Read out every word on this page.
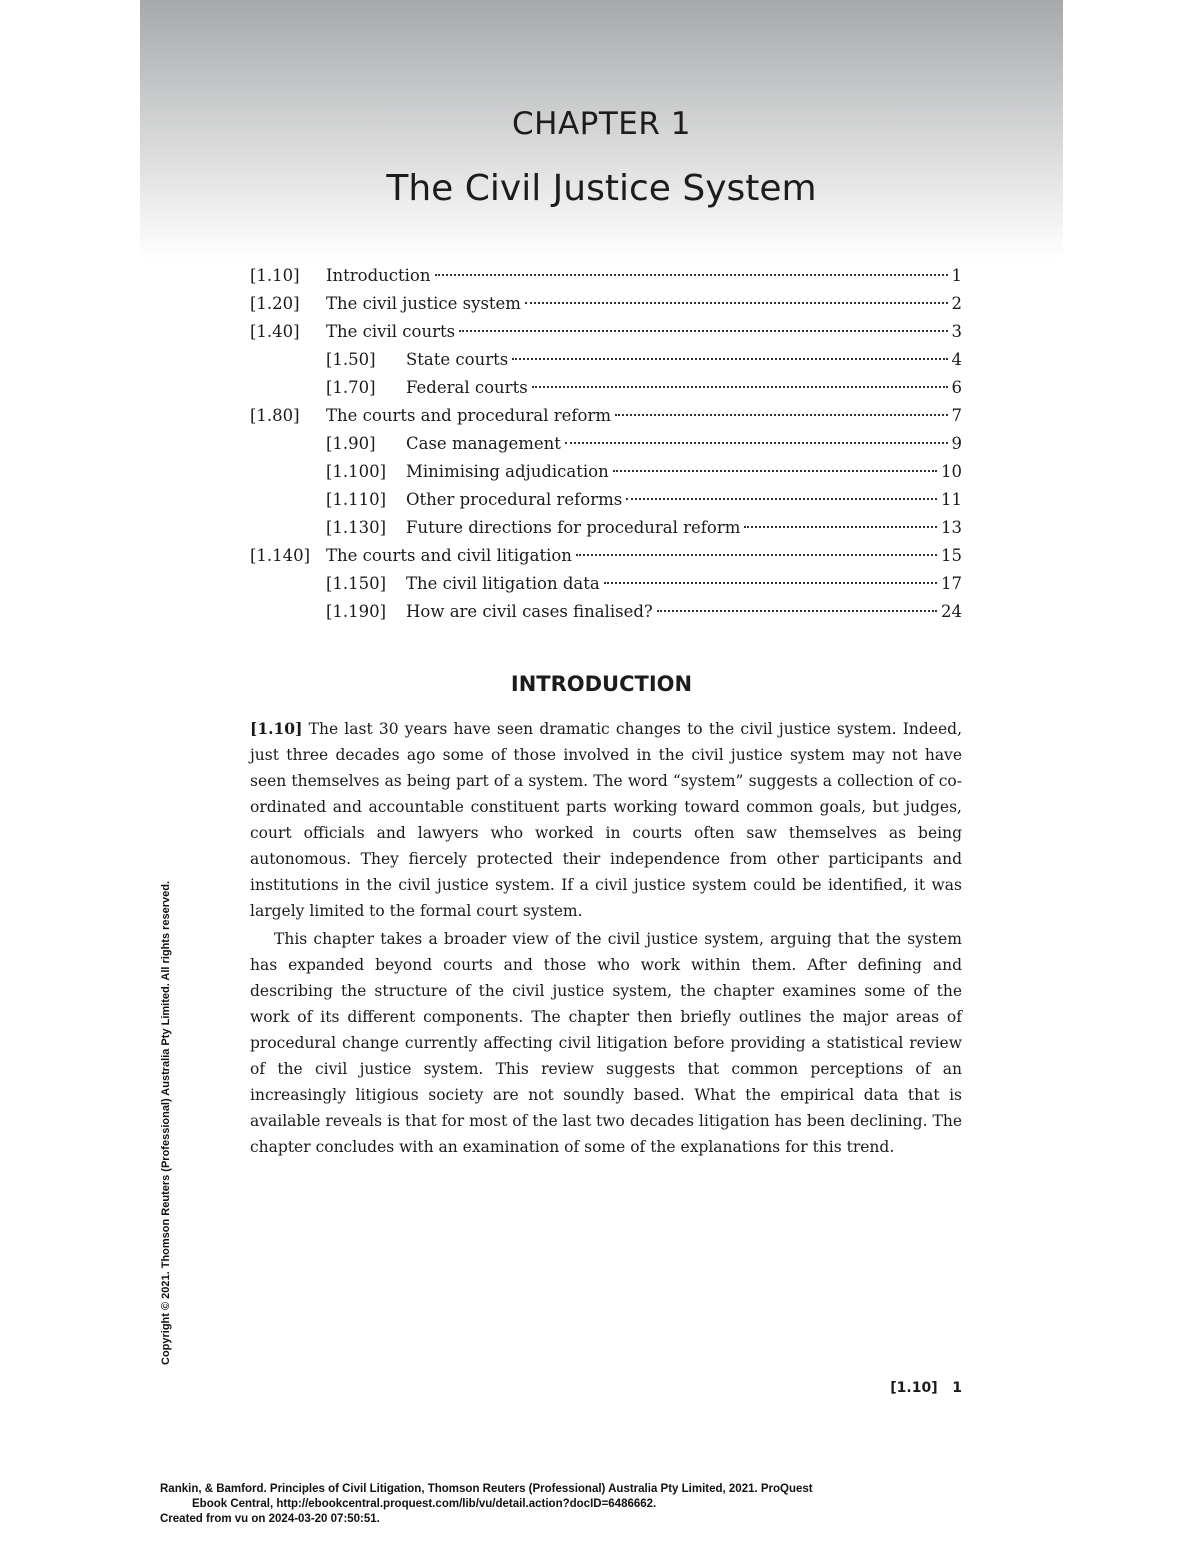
CHAPTER 1
The Civil Justice System
[1.10]	Introduction	1
[1.20]	The civil justice system	2
[1.40]	The civil courts	3
[1.50]	State courts	4
[1.70]	Federal courts	6
[1.80]	The courts and procedural reform	7
[1.90]	Case management	9
[1.100]	Minimising adjudication	10
[1.110]	Other procedural reforms	11
[1.130]	Future directions for procedural reform	13
[1.140] The courts and civil litigation	15
[1.150]	The civil litigation data	17
[1.190]	How are civil cases finalised?	24
INTRODUCTION

[1.10] The last 30 years have seen dramatic changes to the civil justice system. Indeed, just three decades ago some of those involved in the civil justice system may not have seen themselves as being part of a system. The word “system” suggests a collection of co-ordinated and accountable constituent parts working toward common goals, but judges, court officials and lawyers who worked in courts often saw themselves as being autonomous. They fiercely protected their independence from other participants and institutions in the civil justice system. If a civil justice system could be identified, it was largely limited to the formal court system.

This chapter takes a broader view of the civil justice system, arguing that the system has expanded beyond courts and those who work within them. After defining and describing the structure of the civil justice system, the chapter examines some of the work of its different components. The chapter then briefly outlines the major areas of procedural change currently affecting civil litigation before providing a statistical review of the civil justice system. This review suggests that common perceptions of an increasingly litigious society are not soundly based. What the empirical data that is available reveals is that for most of the last two decades litigation has been declining. The chapter concludes with an examination of some of the explanations for this trend.

[1.10] 1
Copyright © 2021. Thomson Reuters (Professional) Australia Pty Limited. All rights reserved.
Rankin, & Bamford. Principles of Civil Litigation, Thomson Reuters (Professional) Australia Pty Limited, 2021. ProQuest
Ebook Central, http://ebookcentral.proquest.com/lib/vu/detail.action?docID=6486662.
Created from vu on 2024-03-20 07:50:51.
